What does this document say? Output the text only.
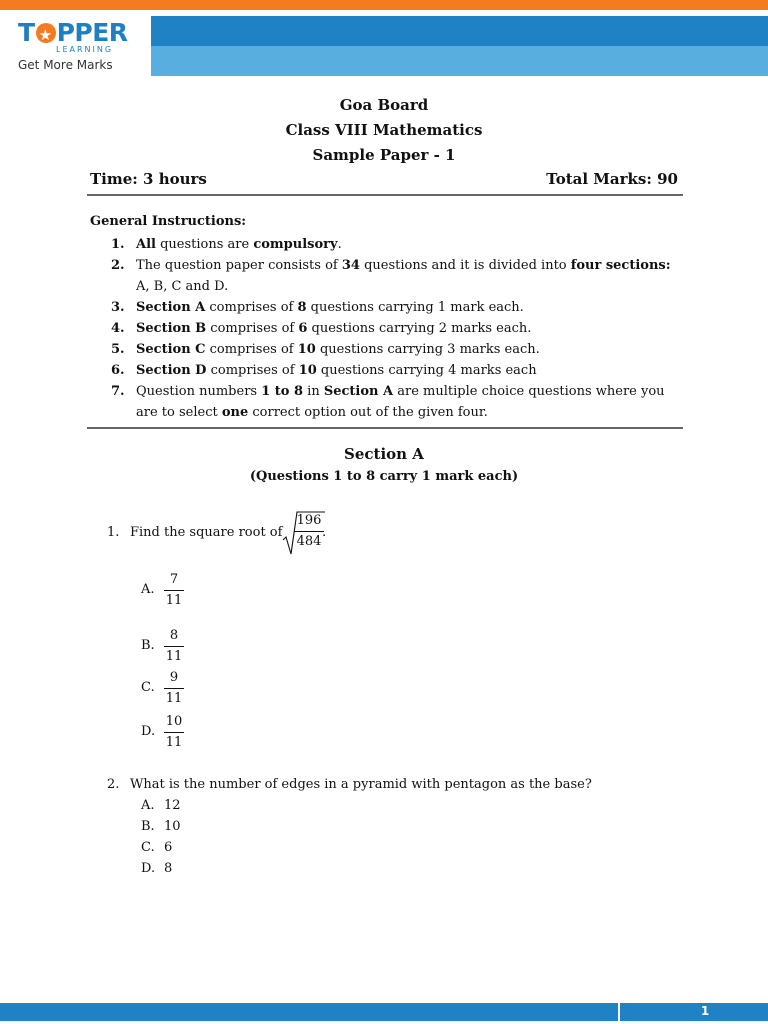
T★ PPER
LEARNING
Get More Marks
Goa Board
Class VIII Mathematics
Sample Paper - 1
Time: 3 hours	Total Marks: 90
General Instructions:
1. All questions are compulsory.
2. The question paper consists of 34 questions and it is divided into four sections: A, B, C and D.
3. Section A comprises of 8 questions carrying 1 mark each.
4. Section B comprises of 6 questions carrying 2 marks each.
5. Section C comprises of 10 questions carrying 3 marks each.
6. Section D comprises of 10 questions carrying 4 marks each
7. Question numbers 1 to 8 in Section A are multiple choice questions where you are to select one correct option out of the given four.
Section A
(Questions 1 to 8 carry 1 mark each)
1. Find the square root of
196
484
.
A.
7
11
B.
8
11
C.
9
11
D.
10
11
2. What is the number of edges in a pyramid with pentagon as the base?
A. 12
B. 10
C. 6
D. 8
1
